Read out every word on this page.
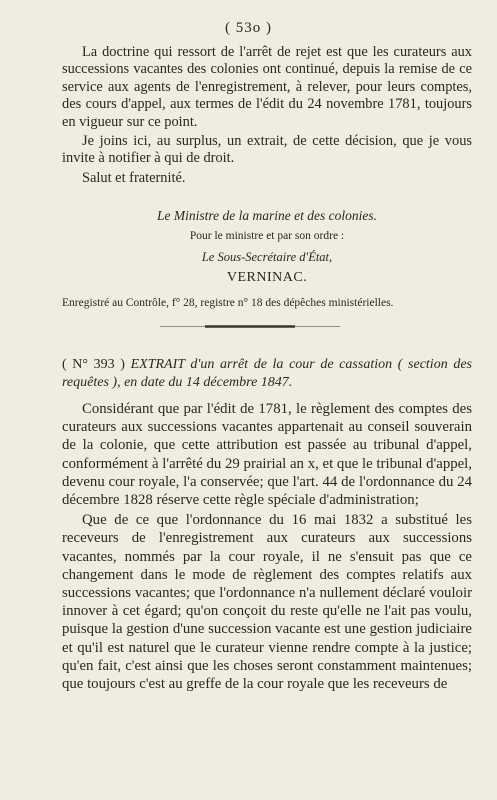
( 53o )

La doctrine qui ressort de l'arrêt de rejet est que les curateurs aux successions vacantes des colonies ont continué, depuis la remise de ce service aux agents de l'enregistrement, à relever, pour leurs comptes, des cours d'appel, aux termes de l'édit du 24 novembre 1781, toujours en vigueur sur ce point.

Je joins ici, au surplus, un extrait, de cette décision, que je vous invite à notifier à qui de droit.

Salut et fraternité.

Le Ministre de la marine et des colonies.
Pour le ministre et par son ordre :
Le Sous-Secrétaire d'État,
VERNINAC.
Enregistré au Contrôle, f° 28, registre n° 18 des dépêches ministérielles.
( N° 393 ) EXTRAIT d'un arrêt de la cour de cassation ( section des requêtes ), en date du 14 décembre 1847.

Considérant que par l'édit de 1781, le règlement des comptes des curateurs aux successions vacantes appartenait au conseil souverain de la colonie, que cette attribution est passée au tribunal d'appel, conformément à l'arrêté du 29 prairial an x, et que le tribunal d'appel, devenu cour royale, l'a conservée; que l'art. 44 de l'ordonnance du 24 décembre 1828 réserve cette règle spéciale d'administration;

Que de ce que l'ordonnance du 16 mai 1832 a substitué les receveurs de l'enregistrement aux curateurs aux successions vacantes, nommés par la cour royale, il ne s'ensuit pas que ce changement dans le mode de règlement des comptes relatifs aux successions vacantes; que l'ordonnance n'a nullement déclaré vouloir innover à cet égard; qu'on conçoit du reste qu'elle ne l'ait pas voulu, puisque la gestion d'une succession vacante est une gestion judiciaire et qu'il est naturel que le curateur vienne rendre compte à la justice; qu'en fait, c'est ainsi que les choses seront constamment maintenues; que toujours c'est au greffe de la cour royale que les receveurs de
